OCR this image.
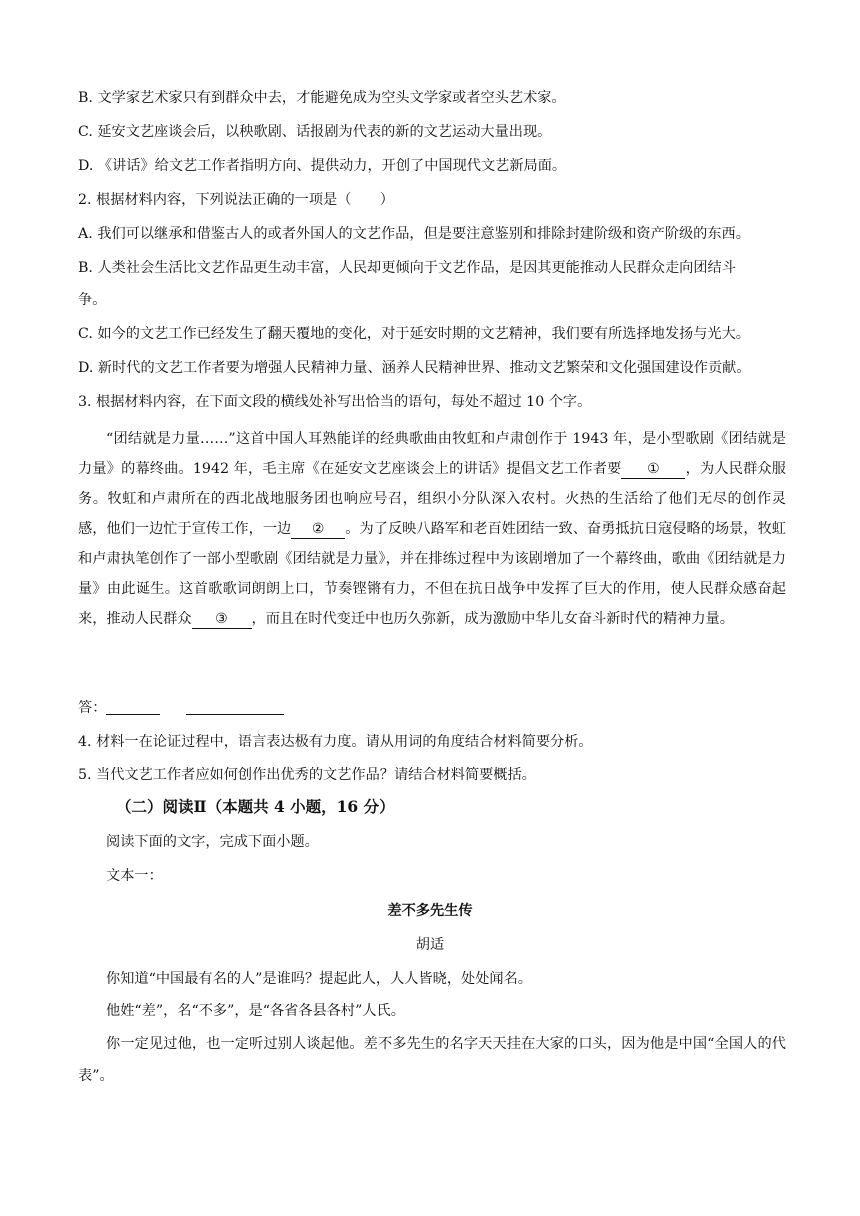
B. 文学家艺术家只有到群众中去，才能避免成为空头文学家或者空头艺术家。
C. 延安文艺座谈会后，以秧歌剧、话报剧为代表的新的文艺运动大量出现。
D. 《讲话》给文艺工作者指明方向、提供动力，开创了中国现代文艺新局面。
2. 根据材料内容，下列说法正确的一项是（　　）
A. 我们可以继承和借鉴古人的或者外国人的文艺作品，但是要注意鉴别和排除封建阶级和资产阶级的东西。
B. 人类社会生活比文艺作品更生动丰富，人民却更倾向于文艺作品，是因其更能推动人民群众走向团结斗
争。
C. 如今的文艺工作已经发生了翻天覆地的变化，对于延安时期的文艺精神，我们要有所选择地发扬与光大。
D. 新时代的文艺工作者要为增强人民精神力量、涵养人民精神世界、推动文艺繁荣和文化强国建设作贡献。
3. 根据材料内容，在下面文段的横线处补写出恰当的语句，每处不超过 10 个字。
“团结就是力量……”这首中国人耳熟能详的经典歌曲由牧虹和卢肃创作于 1943 年，是小型歌剧《团结就是力量》的幕终曲。1942 年，毛主席《在延安文艺座谈会上的讲话》提倡文艺工作者要 ① ，为人民群众服务。牧虹和卢肃所在的西北战地服务团也响应号召，组织小分队深入农村。火热的生活给了他们无尽的创作灵感，他们一边忙于宣传工作，一边 ② 。为了反映八路军和老百姓团结一致、奋勇抵抗日寇侵略的场景，牧虹和卢肃执笔创作了一部小型歌剧《团结就是力量》，并在排练过程中为该剧增加了一个幕终曲，歌曲《团结就是力量》由此诞生。这首歌歌词朗朗上口，节奏铿锵有力，不但在抗日战争中发挥了巨大的作用，使人民群众感奋起来，推动人民群众 ③ ，而且在时代变迁中也历久弥新，成为激励中华儿女奋斗新时代的精神力量。
答：
4. 材料一在论证过程中，语言表达极有力度。请从用词的角度结合材料简要分析。
5. 当代文艺工作者应如何创作出优秀的文艺作品？请结合材料简要概括。
（二）阅读Ⅱ（本题共 4 小题，16 分）
阅读下面的文字，完成下面小题。
文本一：
差不多先生传
胡适
你知道“中国最有名的人”是谁吗？提起此人，人人皆晓，处处闻名。
他姓“差”，名“不多”，是“各省各县各村”人氏。
你一定见过他，也一定听过别人谈起他。差不多先生的名字天天挂在大家的口头，因为他是中国“全国人的代表”。
